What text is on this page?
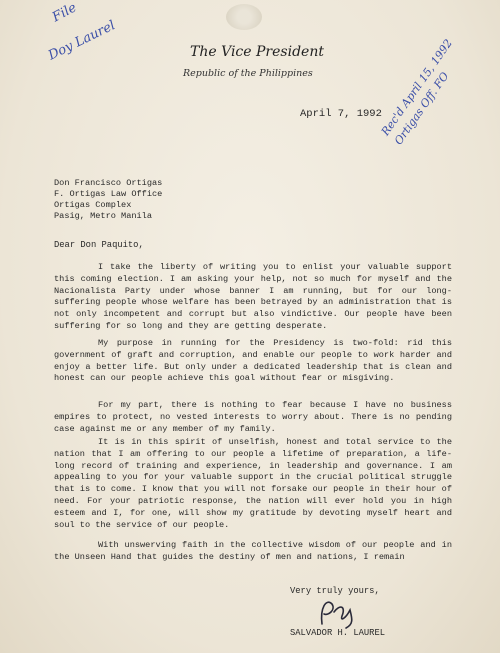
File
Doy Laurel	The Vice President
Republic of the Philippines
April 7, 1992
Rec'd April 15, 1992 Ortigas Off. FO
Don Francisco Ortigas
F. Ortigas Law Office
Ortigas Complex
Pasig, Metro Manila
Dear Don Paquito,
I take the liberty of writing you to enlist your valuable support this coming election. I am asking your help, not so much for myself and the Nacionalista Party under whose banner I am running, but for our long-suffering people whose welfare has been betrayed by an administration that is not only incompetent and corrupt but also vindictive. Our people have been suffering for so long and they are getting desperate.
My purpose in running for the Presidency is two-fold: rid this government of graft and corruption, and enable our people to work harder and enjoy a better life. But only under a dedicated leadership that is clean and honest can our people achieve this goal without fear or misgiving.
For my part, there is nothing to fear because I have no business empires to protect, no vested interests to worry about. There is no pending case against me or any member of my family.
It is in this spirit of unselfish, honest and total service to the nation that I am offering to our people a lifetime of preparation, a life-long record of training and experience, in leadership and governance. I am appealing to you for your valuable support in the crucial political struggle that is to come. I know that you will not forsake our people in their hour of need. For your patriotic response, the nation will ever hold you in high esteem and I, for one, will show my gratitude by devoting myself heart and soul to the service of our people.
With unswerving faith in the collective wisdom of our people and in the Unseen Hand that guides the destiny of men and nations, I remain
Very truly yours,
SALVADOR H. LAUREL
